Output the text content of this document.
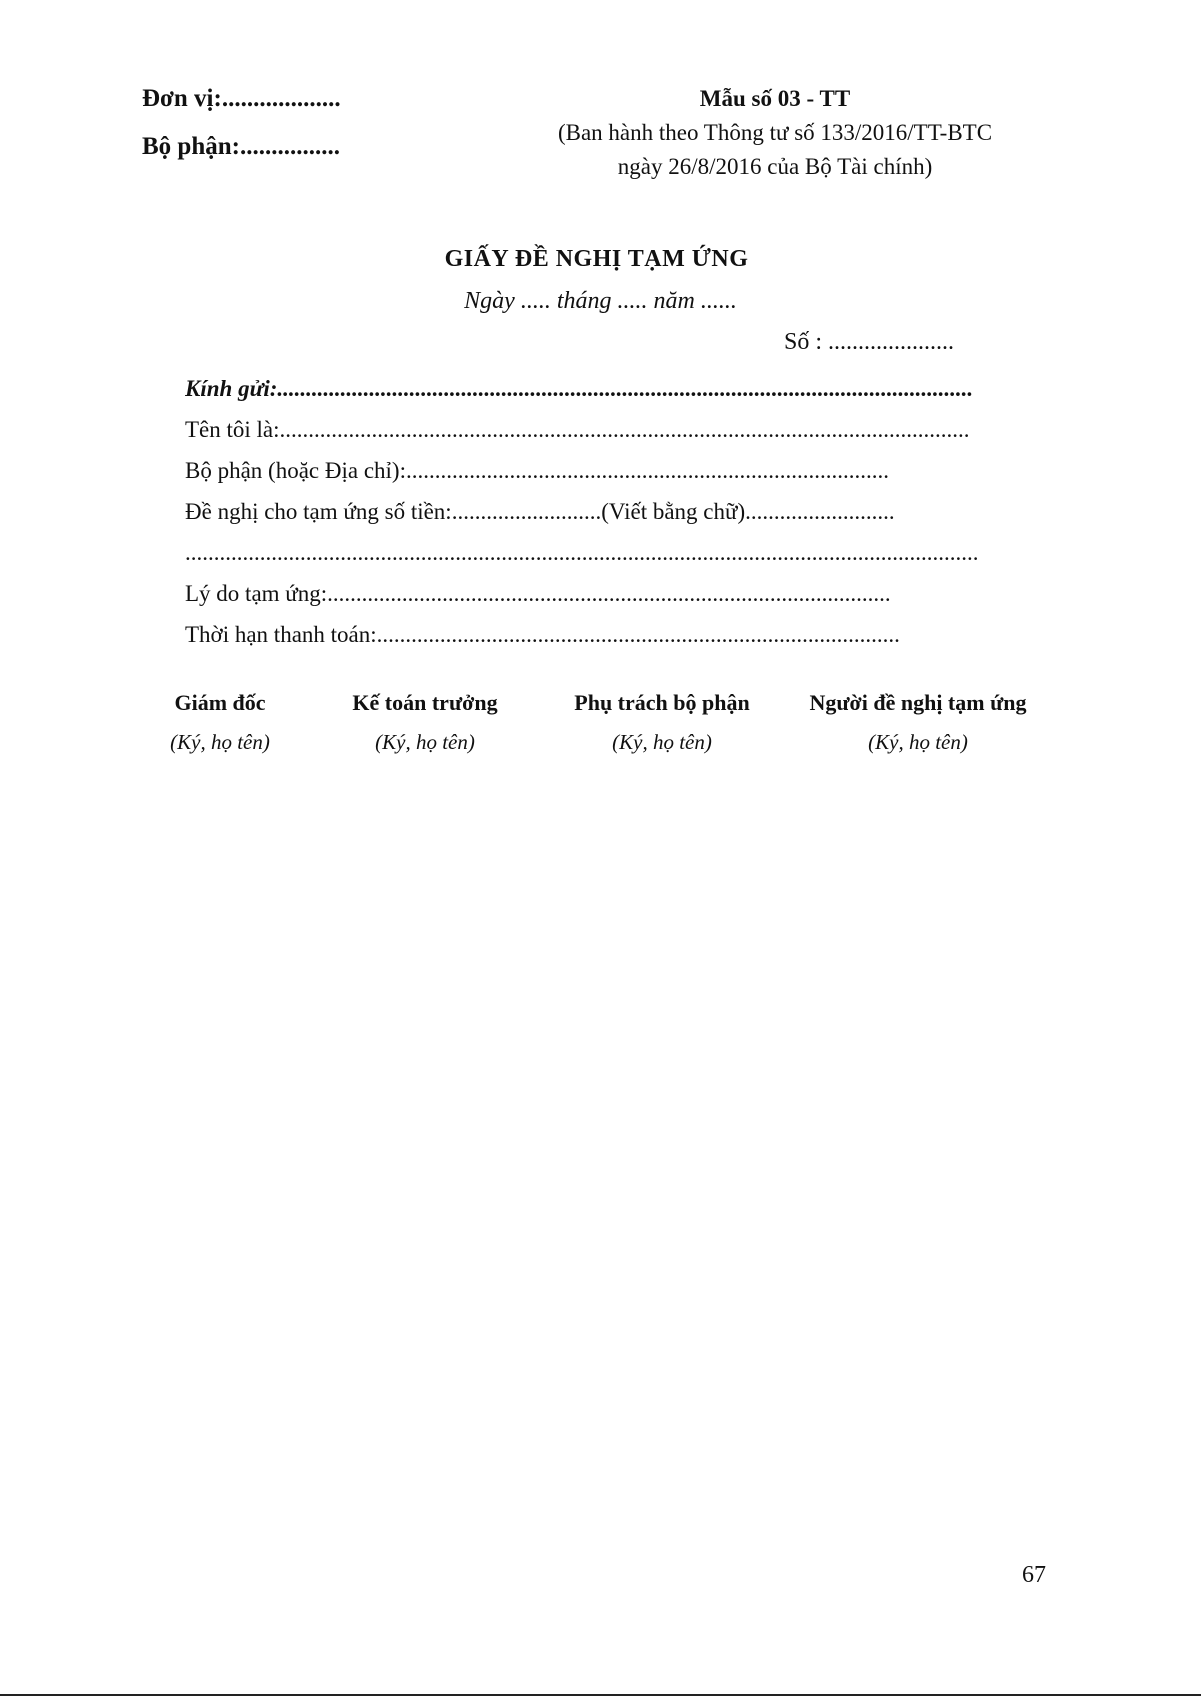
Đơn vị:...................
Bộ phận:................
Mẫu số 03 - TT
(Ban hành theo Thông tư số 133/2016/TT-BTC
ngày 26/8/2016 của Bộ Tài chính)
GIẤY ĐỀ NGHỊ TẠM ỨNG
Ngày ..... tháng ..... năm ......
Số : .....................
Kính gửi:.........................................................................................................................
Tên tôi là:........................................................................................................................
Bộ phận (hoặc Địa chỉ):....................................................................................
Đề nghị cho tạm ứng số tiền:..........................(Viết bằng chữ)..........................
..........................................................................................................................................
Lý do tạm ứng:..................................................................................................
Thời hạn thanh toán:...........................................................................................
Giám đốc
(Ký, họ tên)
Kế toán trưởng
(Ký, họ tên)
Phụ trách bộ phận
(Ký, họ tên)
Người đề nghị tạm ứng
(Ký, họ tên)
67
